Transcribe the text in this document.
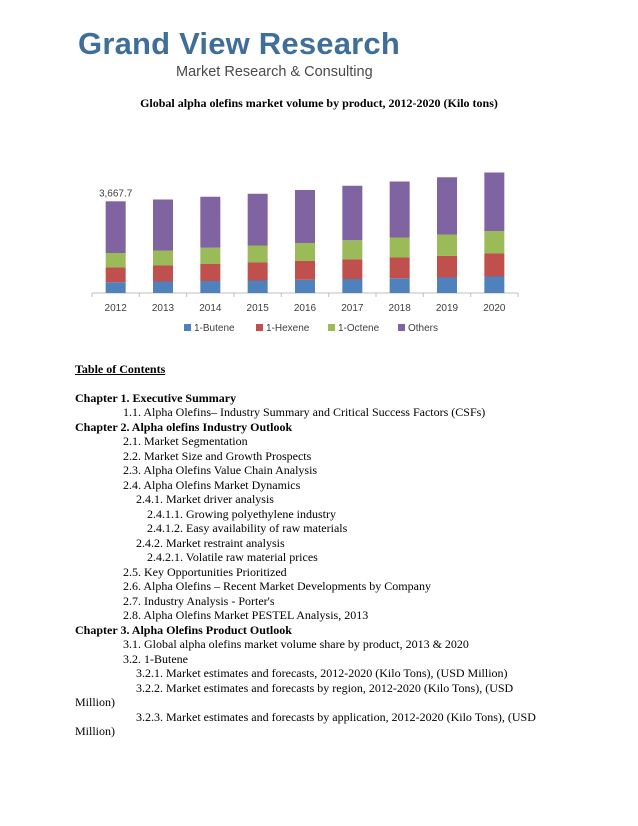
Grand View Research
Market Research & Consulting
Global alpha olefins market volume by product, 2012-2020 (Kilo tons)
2012	2013	2014	2015	2016	2017	2018	2019	2020
3,667.7
1-Butene	1-Hexene	1-Octene	Others
Table of Contents
Chapter 1. Executive Summary
1.1. Alpha Olefins– Industry Summary and Critical Success Factors (CSFs)
Chapter 2. Alpha olefins Industry Outlook
2.1. Market Segmentation
2.2. Market Size and Growth Prospects
2.3. Alpha Olefins Value Chain Analysis
2.4. Alpha Olefins Market Dynamics
2.4.1. Market driver analysis
2.4.1.1. Growing polyethylene industry
2.4.1.2. Easy availability of raw materials
2.4.2. Market restraint analysis
2.4.2.1. Volatile raw material prices
2.5. Key Opportunities Prioritized
2.6. Alpha Olefins – Recent Market Developments by Company
2.7. Industry Analysis - Porter's
2.8. Alpha Olefins Market PESTEL Analysis, 2013
Chapter 3. Alpha Olefins Product Outlook
3.1. Global alpha olefins market volume share by product, 2013 & 2020
3.2. 1-Butene
3.2.1. Market estimates and forecasts, 2012-2020 (Kilo Tons), (USD Million)
3.2.2. Market estimates and forecasts by region, 2012-2020 (Kilo Tons), (USD
Million)
3.2.3. Market estimates and forecasts by application, 2012-2020 (Kilo Tons), (USD
Million)
